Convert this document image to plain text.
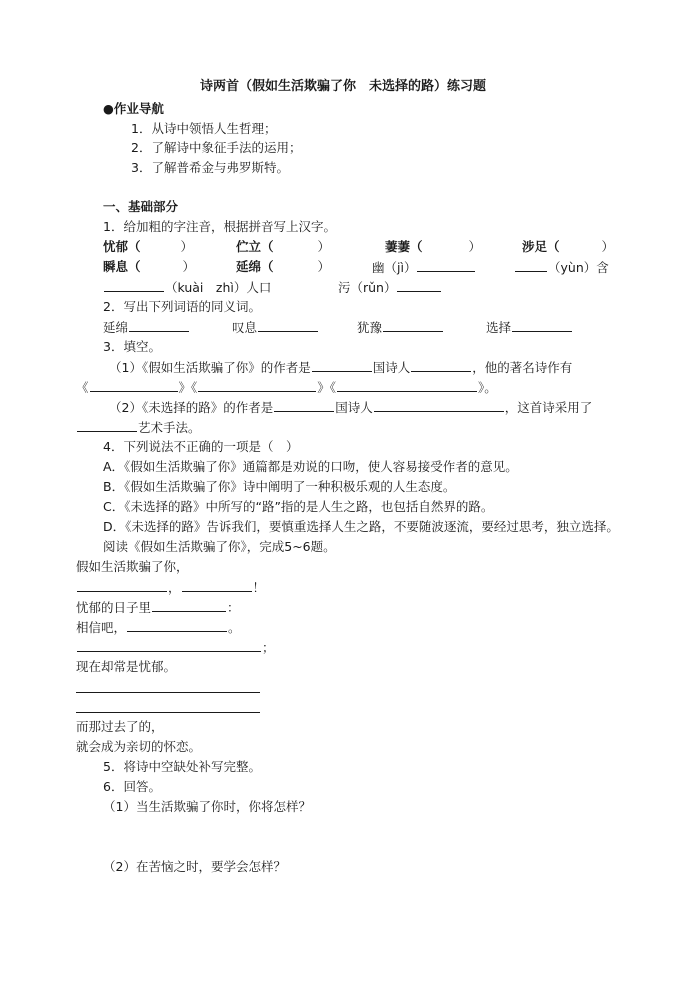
诗两首（假如生活欺骗了你　未选择的路）练习题
●作业导航
1．从诗中领悟人生哲理；
2．了解诗中象征手法的运用；
3．了解普希金与弗罗斯特。
一、基础部分
1．给加粗的字注音，根据拼音写上汉字。
忧郁（	）	伫立（	）	萋萋（	）	涉足（	）
瞬息（	）	延绵（	）	幽（jì）	（yùn）含
（kuài　zhì）人口	污（rǔn）
2．写出下列词语的同义词。
延绵	叹息	犹豫	选择
3．填空。
（1）《假如生活欺骗了你》的作者是	国诗人	，他的著名诗作有
《	》《	》《	》。
（2）《未选择的路》的作者是	国诗人	，这首诗采用了
艺术手法。
4．下列说法不正确的一项是（　）
A．《假如生活欺骗了你》通篇都是劝说的口吻，使人容易接受作者的意见。
B．《假如生活欺骗了你》诗中阐明了一种积极乐观的人生态度。
C．《未选择的路》中所写的“路”指的是人生之路，也包括自然界的路。
D．《未选择的路》告诉我们，要慎重选择人生之路，不要随波逐流，要经过思考，独立选择。
阅读《假如生活欺骗了你》，完成5~6题。
假如生活欺骗了你，
，	！
忧郁的日子里	：
相信吧，	。
；
现在却常是忧郁。
而那过去了的，
就会成为亲切的怀恋。
5．将诗中空缺处补写完整。
6．回答。
（1）当生活欺骗了你时，你将怎样？
（2）在苦恼之时，要学会怎样？
